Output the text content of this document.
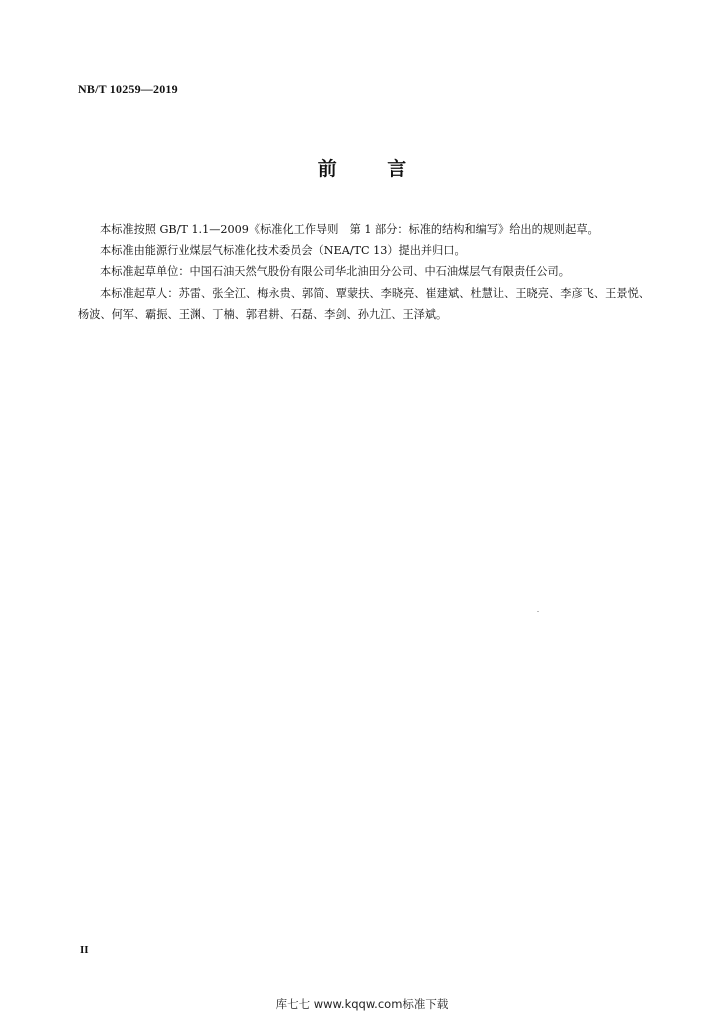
NB/T 10259—2019
前 言

本标准按照 GB/T 1.1—2009《标准化工作导则　第 1 部分：标准的结构和编写》给出的规则起草。

本标准由能源行业煤层气标准化技术委员会（NEA/TC 13）提出并归口。

本标准起草单位：中国石油天然气股份有限公司华北油田分公司、中石油煤层气有限责任公司。

本标准起草人：苏雷、张全江、梅永贵、郭简、覃蒙扶、李晓亮、崔建斌、杜慧让、王晓亮、李彦飞、王景悦、杨波、何军、霸振、王渊、丁楠、郭君耕、石磊、李剑、孙九江、王泽斌。

II
库七七 www.kqqw.com标准下载
